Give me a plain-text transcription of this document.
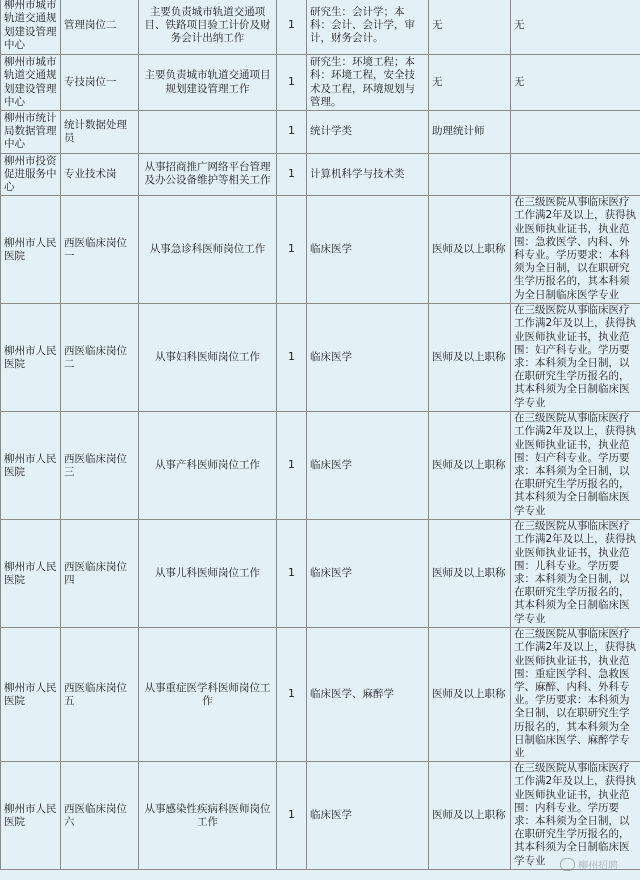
柳州市城市轨道交通规划建设管理中心	管理岗位二	主要负责城市轨道交通项目、铁路项目验工计价及财务会计出纳工作	1	研究生：会计学；本科：会计、会计学，审计，财务会计。	无	无
柳州市城市轨道交通规划建设管理中心	专技岗位一	主要负责城市轨道交通项目规划建设管理工作	1	研究生：环境工程；本科：环境工程，安全技术及工程，环境规划与管理。	无	无
柳州市统计局数据管理中心	统计数据处理员		1	统计学类	助理统计师	
柳州市投资促进服务中心	专业技术岗	从事招商推广网络平台管理及办公设备维护等相关工作	1	计算机科学与技术类		
柳州市人民医院	西医临床岗位一	从事急诊科医师岗位工作	1	临床医学	医师及以上职称	在三级医院从事临床医疗工作满2年及以上，获得执业医师执业证书，执业范围：急救医学、内科、外科专业。学历要求：本科须为全日制，以在职研究生学历报名的，其本科须为全日制临床医学专业
柳州市人民医院	西医临床岗位二	从事妇科医师岗位工作	1	临床医学	医师及以上职称	在三级医院从事临床医疗工作满2年及以上，获得执业医师执业证书，执业范围：妇产科专业。学历要求：本科须为全日制，以在职研究生学历报名的，其本科须为全日制临床医学专业
柳州市人民医院	西医临床岗位三	从事产科医师岗位工作	1	临床医学	医师及以上职称	在三级医院从事临床医疗工作满2年及以上，获得执业医师执业证书，执业范围：妇产科专业。学历要求：本科须为全日制，以在职研究生学历报名的，其本科须为全日制临床医学专业
柳州市人民医院	西医临床岗位四	从事儿科医师岗位工作	1	临床医学	医师及以上职称	在三级医院从事临床医疗工作满2年及以上，获得执业医师执业证书，执业范围：儿科专业。学历要求：本科须为全日制，以在职研究生学历报名的，其本科须为全日制临床医学专业
柳州市人民医院	西医临床岗位五	从事重症医学科医师岗位工作	1	临床医学、麻醉学	医师及以上职称	在三级医院从事临床医疗工作满2年及以上，获得执业医师执业证书，执业范围：重症医学科、急救医学、麻醉、内科、外科专业。学历要求：本科须为全日制，以在职研究生学历报名的，其本科须为全日制临床医学、麻醉学专业
柳州市人民医院	西医临床岗位六	从事感染性疾病科医师岗位工作	1	临床医学	医师及以上职称	在三级医院从事临床医疗工作满2年及以上，获得执业医师执业证书，执业范围：内科专业。学历要求：本科须为全日制，以在职研究生学历报名的，其本科须为全日制临床医学专业	柳州招聘
